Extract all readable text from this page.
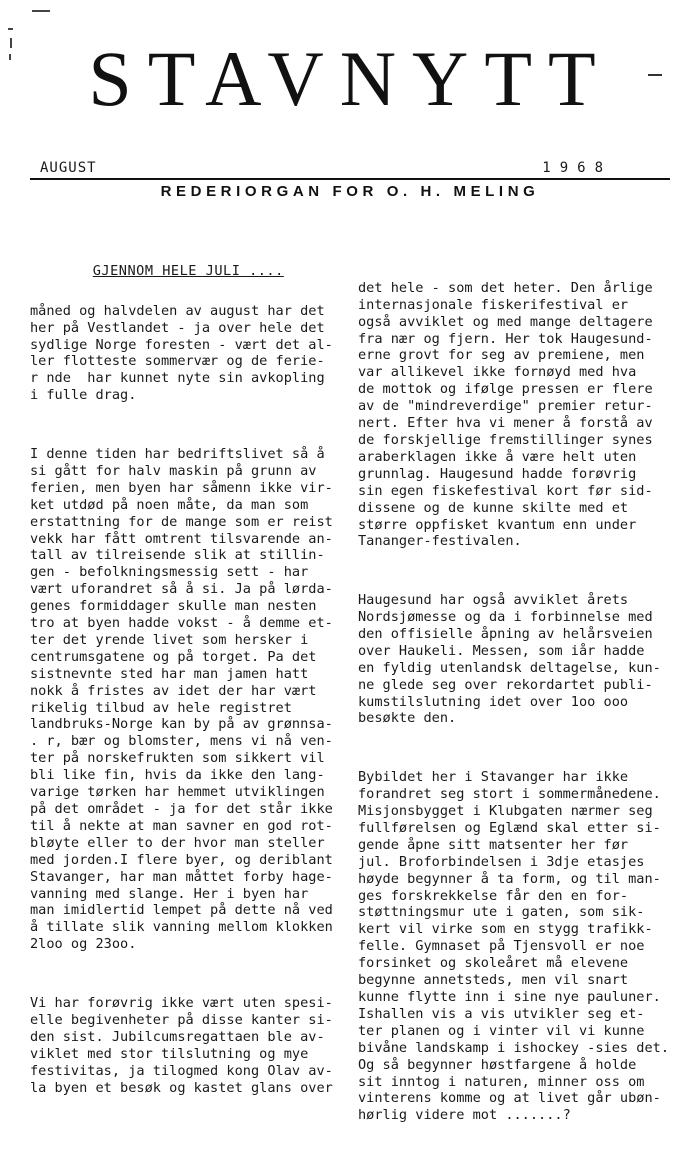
STAVNYTT
AUGUST	1968
REDERIORGAN FOR O. H. MELING

GJENNOM HELE JULI ....

måned og halvdelen av august har det
her på Vestlandet - ja over hele det
sydlige Norge foresten - vært det al-
ler flotteste sommervær og de ferie-
r nde  har kunnet nyte sin avkopling
i fulle drag.

I denne tiden har bedriftslivet så å
si gått for halv maskin på grunn av
ferien, men byen har såmenn ikke vir-
ket utdød på noen måte, da man som
erstattning for de mange som er reist
vekk har fått omtrent tilsvarende an-
tall av tilreisende slik at stillin-
gen - befolkningsmessig sett - har
vært uforandret så å si. Ja på lørda-
genes formiddager skulle man nesten
tro at byen hadde vokst - å demme et-
ter det yrende livet som hersker i
centrumsgatene og på torget. Pa det
sistnevnte sted har man jamen hatt
nokk å fristes av idet der har vært
rikelig tilbud av hele registret
landbruks-Norge kan by på av grønnsa-
. r, bær og blomster, mens vi nå ven-
ter på norskefrukten som sikkert vil
bli like fin, hvis da ikke den lang-
varige tørken har hemmet utviklingen
på det området - ja for det står ikke
til å nekte at man savner en god rot-
bløyte eller to der hvor man steller
med jorden.I flere byer, og deriblant
Stavanger, har man måttet forby hage-
vanning med slange. Her i byen har
man imidlertid lempet på dette nå ved
å tillate slik vanning mellom klokken
2loo og 23oo.

Vi har forøvrig ikke vært uten spesi-
elle begivenheter på disse kanter si-
den sist. Jubilcumsregattaen ble av-
viklet med stor tilslutning og mye
festivitas, ja tilogmed kong Olav av-
la byen et besøk og kastet glans over

det hele - som det heter. Den årlige
internasjonale fiskerifestival er
også avviklet og med mange deltagere
fra nær og fjern. Her tok Haugesund-
erne grovt for seg av premiene, men
var allikevel ikke fornøyd med hva
de mottok og ifølge pressen er flere
av de "mindreverdige" premier retur-
nert. Efter hva vi mener å forstå av
de forskjellige fremstillinger synes
araberklagen ikke å være helt uten
grunnlag. Haugesund hadde forøvrig
sin egen fiskefestival kort før sid-
dissene og de kunne skilte med et
større oppfisket kvantum enn under
Tananger-festivalen.

Haugesund har også avviklet årets
Nordsjømesse og da i forbinnelse med
den offisielle åpning av helårsveien
over Haukeli. Messen, som iår hadde
en fyldig utenlandsk deltagelse, kun-
ne glede seg over rekordartet publi-
kumstilslutning idet over 1oo ooo
besøkte den.

Bybildet her i Stavanger har ikke
forandret seg stort i sommermånedene.
Misjonsbygget i Klubgaten nærmer seg
fullførelsen og Eglænd skal etter si-
gende åpne sitt matsenter her før
jul. Broforbindelsen i 3dje etasjes
høyde begynner å ta form, og til man-
ges forskrekkelse får den en for-
støttningsmur ute i gaten, som sik-
kert vil virke som en stygg trafikk-
felle. Gymnaset på Tjensvoll er noe
forsinket og skoleåret må elevene
begynne annetsteds, men vil snart
kunne flytte inn i sine nye pauluner.
Ishallen vis a vis utvikler seg et-
ter planen og i vinter vil vi kunne
bivåne landskamp i ishockey -sies det.
Og så begynner høstfargene å holde
sit inntog i naturen, minner oss om
vinterens komme og at livet går ubøn-
hørlig videre mot .......?
